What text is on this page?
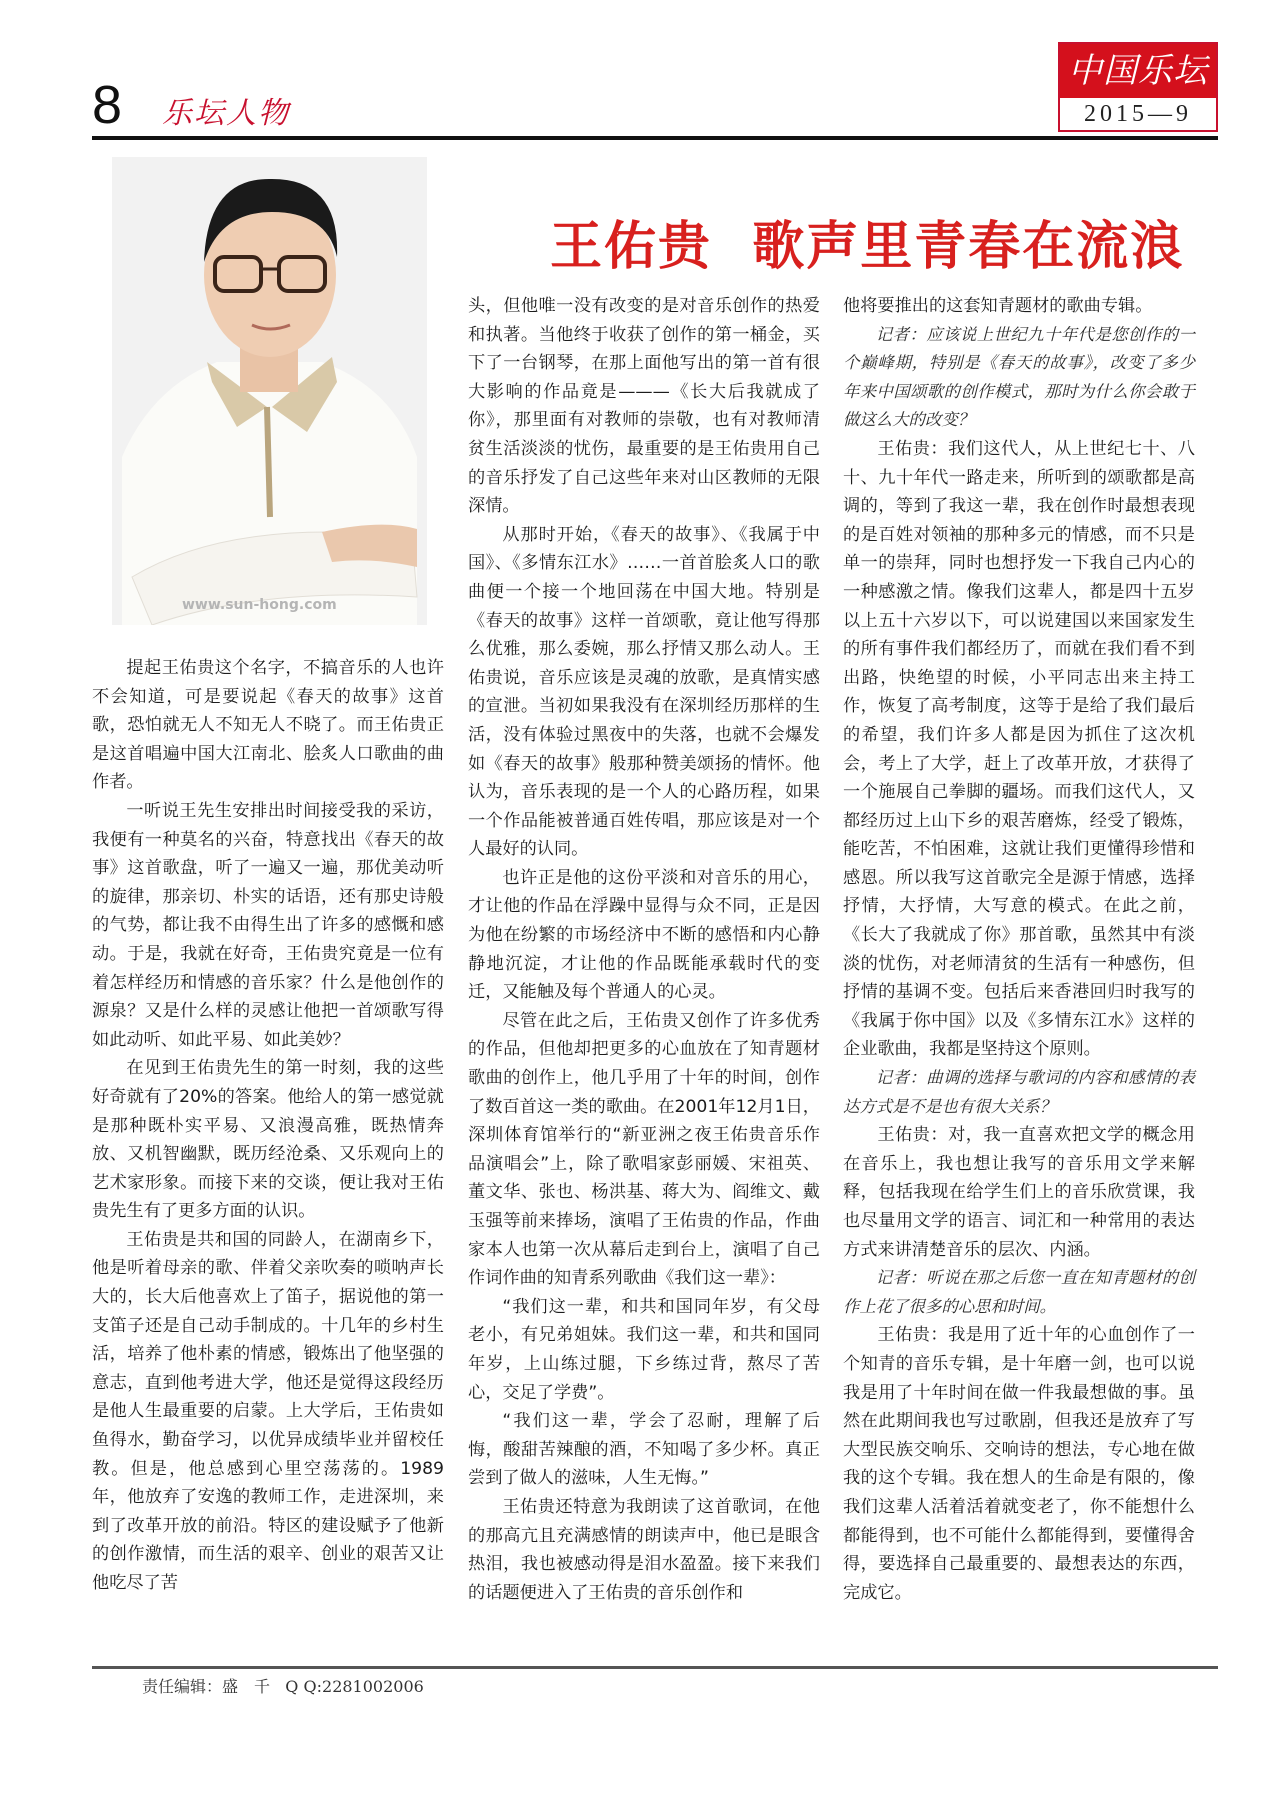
8 乐坛人物
中国乐坛
2015—9
www.sun-hong.com
王佑贵  歌声里青春在流浪

提起王佑贵这个名字，不搞音乐的人也许不会知道，可是要说起《春天的故事》这首歌，恐怕就无人不知无人不晓了。而王佑贵正是这首唱遍中国大江南北、脍炙人口歌曲的曲作者。

一听说王先生安排出时间接受我的采访，我便有一种莫名的兴奋，特意找出《春天的故事》这首歌盘，听了一遍又一遍，那优美动听的旋律，那亲切、朴实的话语，还有那史诗般的气势，都让我不由得生出了许多的感慨和感动。于是，我就在好奇，王佑贵究竟是一位有着怎样经历和情感的音乐家？什么是他创作的源泉？又是什么样的灵感让他把一首颂歌写得如此动听、如此平易、如此美妙？

在见到王佑贵先生的第一时刻，我的这些好奇就有了20%的答案。他给人的第一感觉就是那种既朴实平易、又浪漫高雅，既热情奔放、又机智幽默，既历经沧桑、又乐观向上的艺术家形象。而接下来的交谈，便让我对王佑贵先生有了更多方面的认识。

王佑贵是共和国的同龄人，在湖南乡下，他是听着母亲的歌、伴着父亲吹奏的唢呐声长大的，长大后他喜欢上了笛子，据说他的第一支笛子还是自己动手制成的。十几年的乡村生活，培养了他朴素的情感，锻炼出了他坚强的意志，直到他考进大学，他还是觉得这段经历是他人生最重要的启蒙。上大学后，王佑贵如鱼得水，勤奋学习，以优异成绩毕业并留校任教。但是，他总感到心里空荡荡的。1989年，他放弃了安逸的教师工作，走进深圳，来到了改革开放的前沿。特区的建设赋予了他新的创作激情，而生活的艰辛、创业的艰苦又让他吃尽了苦

头，但他唯一没有改变的是对音乐创作的热爱和执著。当他终于收获了创作的第一桶金，买下了一台钢琴，在那上面他写出的第一首有很大影响的作品竟是———《长大后我就成了你》，那里面有对教师的崇敬，也有对教师清贫生活淡淡的忧伤，最重要的是王佑贵用自己的音乐抒发了自己这些年来对山区教师的无限深情。

从那时开始，《春天的故事》、《我属于中国》、《多情东江水》……一首首脍炙人口的歌曲便一个接一个地回荡在中国大地。特别是《春天的故事》这样一首颂歌，竟让他写得那么优雅，那么委婉，那么抒情又那么动人。王佑贵说，音乐应该是灵魂的放歌，是真情实感的宣泄。当初如果我没有在深圳经历那样的生活，没有体验过黑夜中的失落，也就不会爆发如《春天的故事》般那种赞美颂扬的情怀。他认为，音乐表现的是一个人的心路历程，如果一个作品能被普通百姓传唱，那应该是对一个人最好的认同。

也许正是他的这份平淡和对音乐的用心，才让他的作品在浮躁中显得与众不同，正是因为他在纷繁的市场经济中不断的感悟和内心静静地沉淀，才让他的作品既能承载时代的变迁，又能触及每个普通人的心灵。

尽管在此之后，王佑贵又创作了许多优秀的作品，但他却把更多的心血放在了知青题材歌曲的创作上，他几乎用了十年的时间，创作了数百首这一类的歌曲。在2001年12月1日，深圳体育馆举行的“新亚洲之夜王佑贵音乐作品演唱会”上，除了歌唱家彭丽媛、宋祖英、董文华、张也、杨洪基、蒋大为、阎维文、戴玉强等前来捧场，演唱了王佑贵的作品，作曲家本人也第一次从幕后走到台上，演唱了自己作词作曲的知青系列歌曲《我们这一辈》：

“我们这一辈，和共和国同年岁，有父母老小，有兄弟姐妹。我们这一辈，和共和国同年岁，上山练过腿，下乡练过背，熬尽了苦心，交足了学费”。

“我们这一辈，学会了忍耐，理解了后悔，酸甜苦辣酿的酒，不知喝了多少杯。真正尝到了做人的滋味，人生无悔。”

王佑贵还特意为我朗读了这首歌词，在他的那高亢且充满感情的朗读声中，他已是眼含热泪，我也被感动得是泪水盈盈。接下来我们的话题便进入了王佑贵的音乐创作和

他将要推出的这套知青题材的歌曲专辑。

记者：应该说上世纪九十年代是您创作的一个巅峰期，特别是《春天的故事》，改变了多少年来中国颂歌的创作模式，那时为什么你会敢于做这么大的改变？

王佑贵：我们这代人，从上世纪七十、八十、九十年代一路走来，所听到的颂歌都是高调的，等到了我这一辈，我在创作时最想表现的是百姓对领袖的那种多元的情感，而不只是单一的崇拜，同时也想抒发一下我自己内心的一种感激之情。像我们这辈人，都是四十五岁以上五十六岁以下，可以说建国以来国家发生的所有事件我们都经历了，而就在我们看不到出路，快绝望的时候，小平同志出来主持工作，恢复了高考制度，这等于是给了我们最后的希望，我们许多人都是因为抓住了这次机会，考上了大学，赶上了改革开放，才获得了一个施展自己拳脚的疆场。而我们这代人，又都经历过上山下乡的艰苦磨炼，经受了锻炼，能吃苦，不怕困难，这就让我们更懂得珍惜和感恩。所以我写这首歌完全是源于情感，选择抒情，大抒情，大写意的模式。在此之前，《长大了我就成了你》那首歌，虽然其中有淡淡的忧伤，对老师清贫的生活有一种感伤，但抒情的基调不变。包括后来香港回归时我写的《我属于你中国》以及《多情东江水》这样的企业歌曲，我都是坚持这个原则。

记者：曲调的选择与歌词的内容和感情的表达方式是不是也有很大关系？

王佑贵：对，我一直喜欢把文学的概念用在音乐上，我也想让我写的音乐用文学来解释，包括我现在给学生们上的音乐欣赏课，我也尽量用文学的语言、词汇和一种常用的表达方式来讲清楚音乐的层次、内涵。

记者：听说在那之后您一直在知青题材的创作上花了很多的心思和时间。

王佑贵：我是用了近十年的心血创作了一个知青的音乐专辑，是十年磨一剑，也可以说我是用了十年时间在做一件我最想做的事。虽然在此期间我也写过歌剧，但我还是放弃了写大型民族交响乐、交响诗的想法，专心地在做我的这个专辑。我在想人的生命是有限的，像我们这辈人活着活着就变老了，你不能想什么都能得到，也不可能什么都能得到，要懂得舍得，要选择自己最重要的、最想表达的东西，完成它。

责任编辑：盛　千 Q Q:2281002006
